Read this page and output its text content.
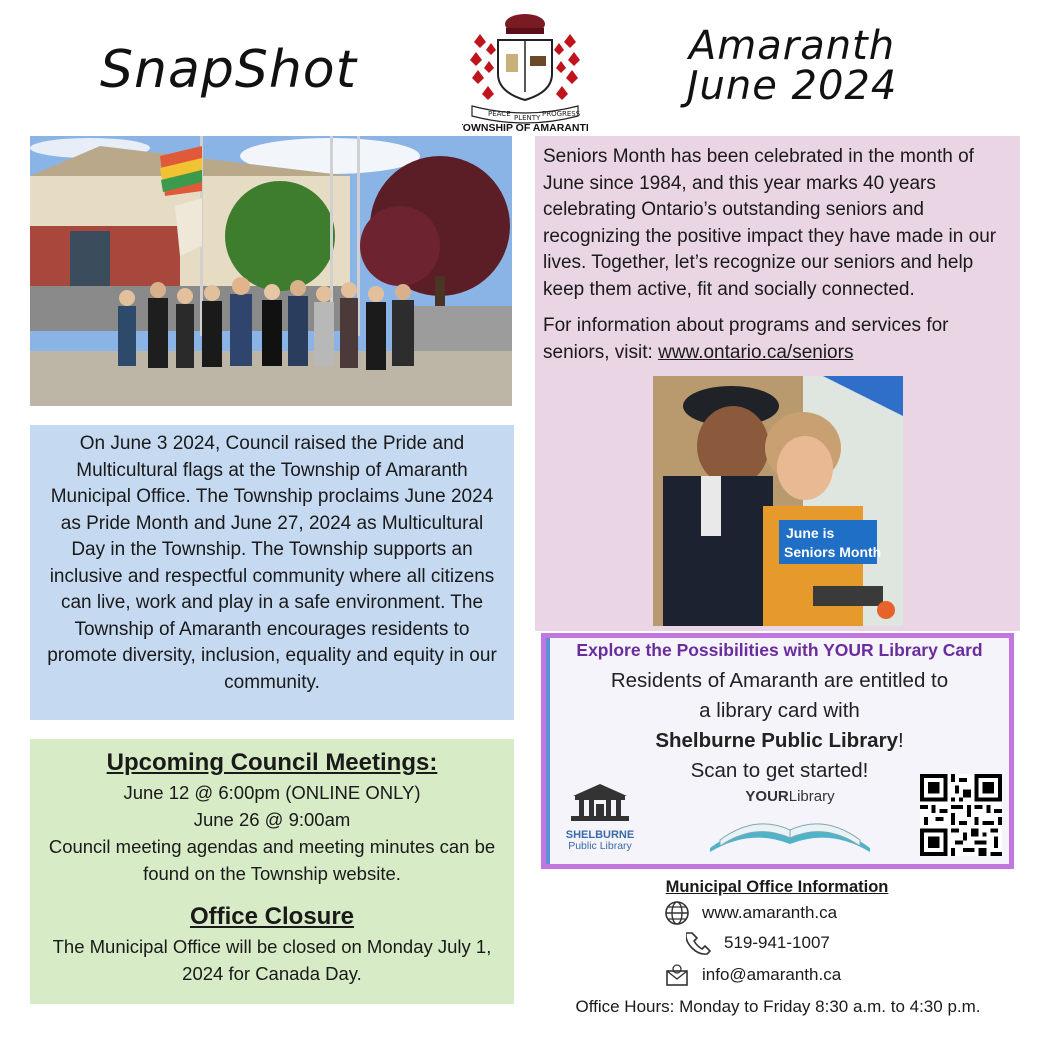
SnapShot
PEACE PLENTY PROGRESS
TOWNSHIP OF AMARANTH
Amaranth
June 2024
On June 3 2024, Council raised the Pride and Multicultural flags at the Township of Amaranth Municipal Office. The Township proclaims June 2024 as Pride Month and June 27, 2024 as Multicultural Day in the Township. The Township supports an inclusive and respectful community where all citizens can live, work and play in a safe environment. The Township of Amaranth encourages residents to promote diversity, inclusion, equality and equity in our community.
Upcoming Council Meetings:
June 12 @ 6:00pm (ONLINE ONLY)
June 26 @ 9:00am
Council meeting agendas and meeting minutes can be found on the Township website.
Office Closure
The Municipal Office will be closed on Monday July 1, 2024 for Canada Day.

Seniors Month has been celebrated in the month of June since 1984, and this year marks 40 years celebrating Ontario’s outstanding seniors and recognizing the positive impact they have made in our lives. Together, let’s recognize our seniors and help keep them active, fit and socially connected.

For information about programs and services for seniors, visit: www.ontario.ca/seniors

June is
Seniors Month
Explore the Possibilities with YOUR Library Card
Residents of Amaranth are entitled to
a library card with
Shelburne Public Library!
Scan to get started!
SHELBURNE
Public Library
YOURLibrary
Municipal Office Information
www.amaranth.ca
519-941-1007
info@amaranth.ca
Office Hours: Monday to Friday 8:30 a.m. to 4:30 p.m.
